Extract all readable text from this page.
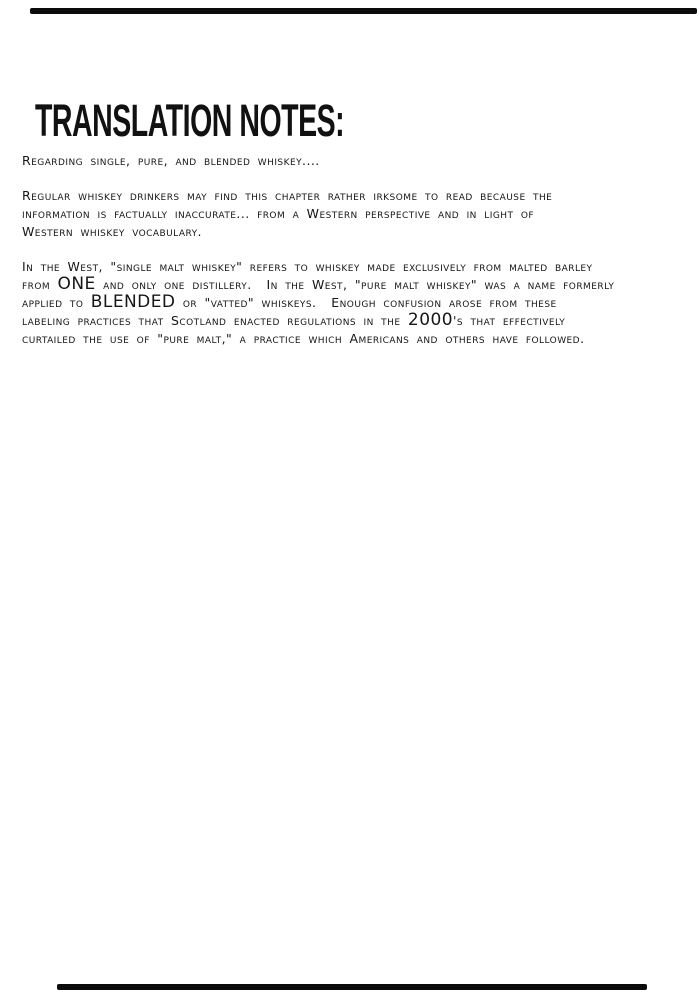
TRANSLATION NOTES:

Regarding single, pure, and blended whiskey....

Regular whiskey drinkers may find this chapter rather irksome to read because the
information is factually inaccurate... from a Western perspective and in light of
Western whiskey vocabulary.

In the West, "single malt whiskey" refers to whiskey made exclusively from malted barley
from ONE and only one distillery.  In the West, "pure malt whiskey" was a name formerly
applied to BLENDED or "vatted" whiskeys.  Enough confusion arose from these
labeling practices that Scotland enacted regulations in the 2000's that effectively
curtailed the use of "pure malt," a practice which Americans and others have followed.
